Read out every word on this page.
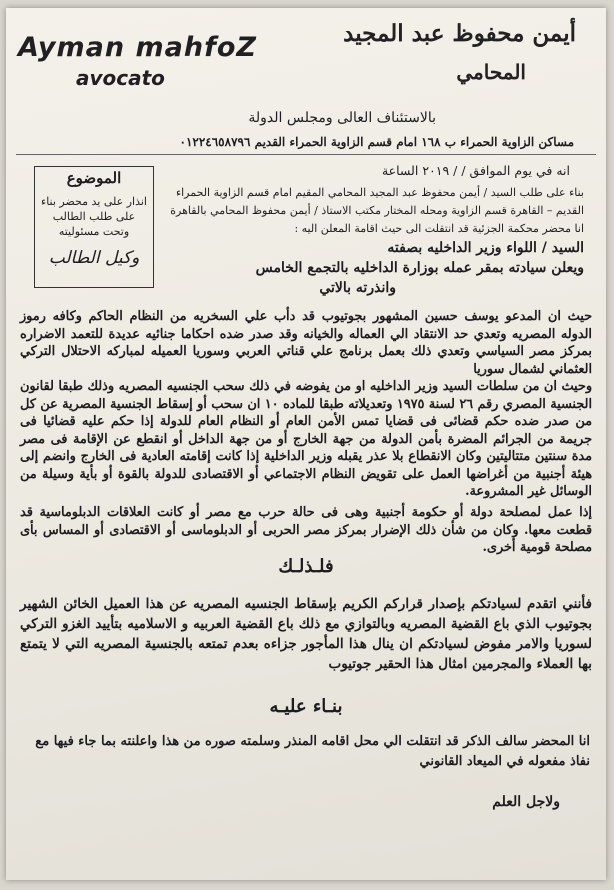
Ayman mahfoZ
avocato
أيمن محفوظ عبد المجيد
المحامي
بالاستئناف العالى ومجلس الدولة
مساكن الزاوية الحمراء ب ١٦٨ امام قسم الزاوية الحمراء القديم ٠١٢٢٤٦٥٨٧٩٦
انه في يوم الموافق / / ٢٠١٩ الساعة
بناء على طلب السيد / أيمن محفوظ عبد المجيد المحامي المقيم امام قسم الزاوية الحمراء
القديم – القاهرة قسم الزاوية ومحله المختار مكتب الاستاذ / أيمن محفوظ المحامي بالقاهرة
انا محضر محكمة الجزئية قد انتقلت الى حيث اقامة المعلن اليه :
السيد / اللواء وزير الداخليه بصفته
ويعلن سيادته بمقر عمله بوزارة الداخليه بالتجمع الخامس
وانذرته بالاتي
الموضوع
انذار على يد محضر بناء على طلب الطالب وتحت مسئوليته
وكيل الطالب
حيث ان المدعو يوسف حسين المشهور بجوتيوب قد دأب علي السخريه من النظام الحاكم وكافه رموز الدوله المصريه وتعدي حد الانتقاد الي العماله والخيانه وقد صدر ضده احكاما جنائيه عديدة للتعمد الاضراره بمركز مصر السياسي وتعدي ذلك بعمل برنامج علي قناتي العربي وسوريا العميله لمباركه الاحتلال التركي العثماني لشمال سوريا
وحيث ان من سلطات السيد وزير الداخليه او من يفوضه في ذلك سحب الجنسيه المصريه وذلك طبقا لقانون الجنسية المصري رقم ٢٦ لسنة ١٩٧٥ وتعديلاته طبقا للماده ١٠ ان سحب أو إسقاط الجنسية المصرية عن كل من صدر ضده حكم قضائى فى قضايا تمس الأمن العام أو النظام العام للدولة إذا حكم عليه قضائيا فى جريمة من الجرائم المضرة بأمن الدولة من جهة الخارج أو من جهة الداخل أو انقطع عن الإقامة فى مصر مدة سنتين متتاليتين وكان الانقطاع بلا عذر يقبله وزير الداخلية إذا كانت إقامته العادية فى الخارج وانضم إلى هيئة أجنبية من أغراضها العمل على تقويض النظام الاجتماعي أو الاقتصادى للدولة بالقوة أو بأية وسيلة من الوسائل غير المشروعة.
إذا عمل لمصلحة دولة أو حكومة أجنبية وهى فى حالة حرب مع مصر أو كانت العلاقات الدبلوماسية قد قطعت معها. وكان من شأن ذلك الإضرار بمركز مصر الحربى أو الدبلوماسى أو الاقتصادى أو المساس بأى مصلحة قومية أخرى.
فلـذلـك
فأنني اتقدم لسيادتكم بإصدار قراركم الكريم بإسقاط الجنسيه المصريه عن هذا العميل الخائن الشهير بجوتيوب الذي باع القضية المصريه وبالتوازي مع ذلك باع القضية العربيه و الاسلاميه بتأييد الغزو التركي لسوريا والامر مفوض لسيادتكم ان ينال هذا المأجور جزاءه بعدم تمتعه بالجنسية المصريه التي لا يتمتع بها العملاء والمجرمين امثال هذا الحقير جوتيوب
بنـاء عليـه
انا المحضر سالف الذكر قد انتقلت الي محل اقامه المنذر وسلمته صوره من هذا واعلنته بما جاء فيها مع نفاذ مفعوله في الميعاد القانوني
ولاجل العلم
